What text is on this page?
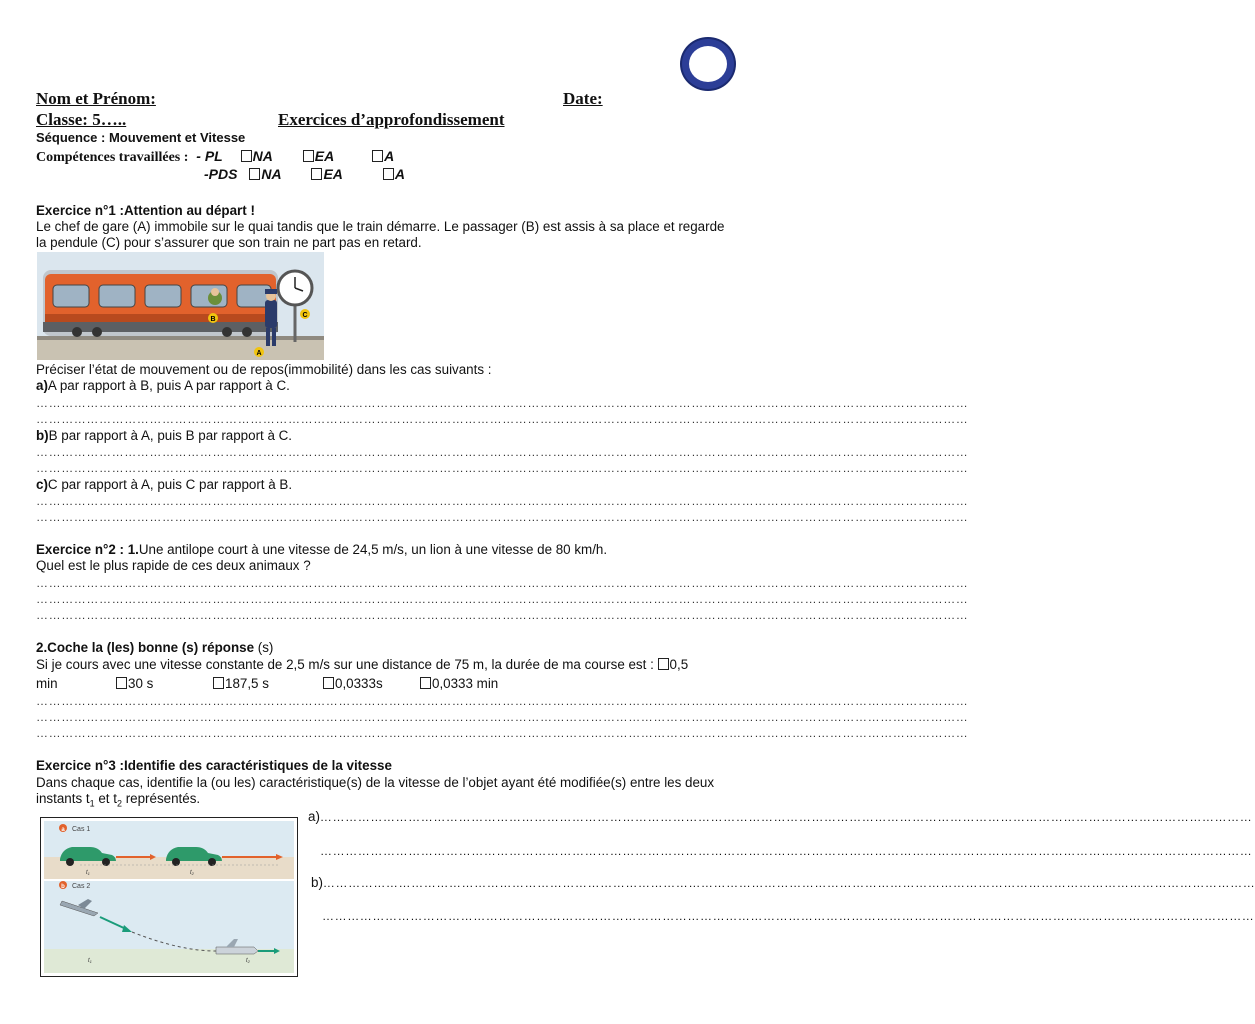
DOUJANI
Nom et Prénom:	Date:
Classe: 5…..	Exercices d’approfondissement
Séquence : Mouvement et Vitesse
Compétences travaillées : - PL NA	EA	A
-PDS NA	EA	A
Exercice n°1 :Attention au départ !
Le chef de gare (A) immobile sur le quai tandis que le train démarre. Le passager (B) est assis à sa place et regarde
la pendule (C) pour s’assurer que son train ne part pas en retard.
B
A
C
Préciser l’état de mouvement ou de repos(immobilité) dans les cas suivants :
a)A par rapport à B, puis A par rapport à C.
……………………………………………………………………………………………………………………………………………………………………………………………………
……………………………………………………………………………………………………………………………………………………………………………………………………
b)B par rapport à A, puis B par rapport à C.
……………………………………………………………………………………………………………………………………………………………………………………………………
……………………………………………………………………………………………………………………………………………………………………………………………………
c)C par rapport à A, puis C par rapport à B.
……………………………………………………………………………………………………………………………………………………………………………………………………
……………………………………………………………………………………………………………………………………………………………………………………………………
Exercice n°2 : 1.Une antilope court à une vitesse de 24,5 m/s, un lion à une vitesse de 80 km/h.
Quel est le plus rapide de ces deux animaux ?
……………………………………………………………………………………………………………………………………………………………………………………………………
……………………………………………………………………………………………………………………………………………………………………………………………………
……………………………………………………………………………………………………………………………………………………………………………………………………
2.Coche la (les) bonne (s) réponse (s)
Si je cours avec une vitesse constante de 2,5 m/s sur une distance de 75 m, la durée de ma course est : 0,5
min	30 s	187,5 s	0,0333s	0,0333 min
……………………………………………………………………………………………………………………………………………………………………………………………………
……………………………………………………………………………………………………………………………………………………………………………………………………
……………………………………………………………………………………………………………………………………………………………………………………………………
Exercice n°3 :Identifie des caractéristiques de la vitesse
Dans chaque cas, identifie la (ou les) caractéristique(s) de la vitesse de l’objet ayant été modifiée(s) entre les deux
instants $t_1$ et $t_2$ représentés.
a Cas 1
t1	t2
b Cas 2
t1	t2
a)……………………………………………………………………………………………………………………………………………………………………………………………………
……………………………………………………………………………………………………………………………………………………………………………………………………
b)……………………………………………………………………………………………………………………………………………………………………………………………………
……………………………………………………………………………………………………………………………………………………………………………………………………
